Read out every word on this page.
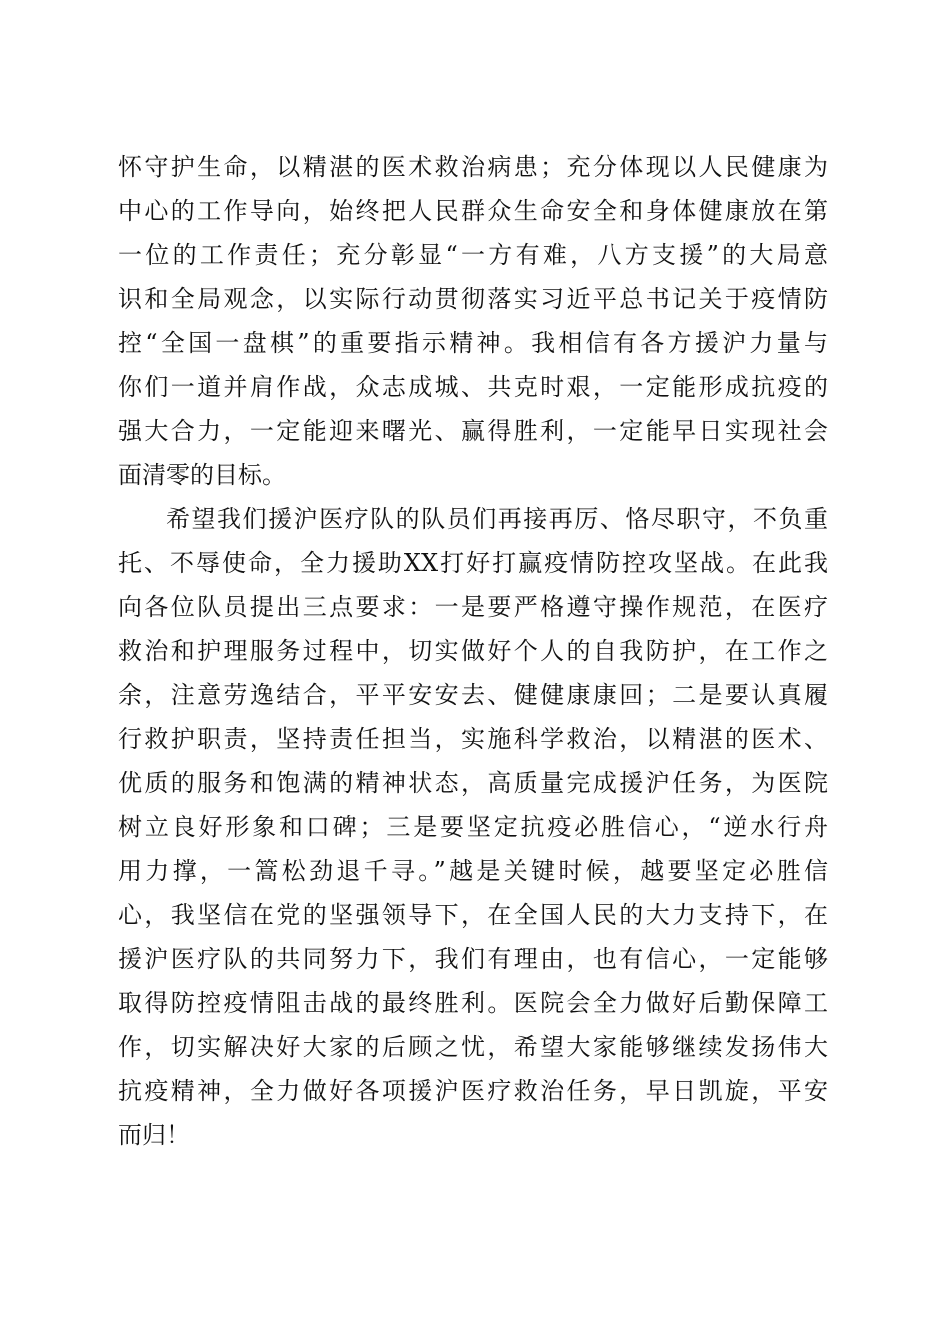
怀守护生命，以精湛的医术救治病患；充分体现以人民健康为
中心的工作导向，始终把人民群众生命安全和身体健康放在第
一位的工作责任；充分彰显“一方有难，八方支援”的大局意
识和全局观念，以实际行动贯彻落实习近平总书记关于疫情防
控“全国一盘棋”的重要指示精神。我相信有各方援沪力量与
你们一道并肩作战，众志成城、共克时艰，一定能形成抗疫的
强大合力，一定能迎来曙光、赢得胜利，一定能早日实现社会
面清零的目标。
希望我们援沪医疗队的队员们再接再厉、恪尽职守，不负重
托、不辱使命，全力援助XX打好打赢疫情防控攻坚战。在此我
向各位队员提出三点要求：一是要严格遵守操作规范，在医疗
救治和护理服务过程中，切实做好个人的自我防护，在工作之
余，注意劳逸结合，平平安安去、健健康康回；二是要认真履
行救护职责，坚持责任担当，实施科学救治，以精湛的医术、
优质的服务和饱满的精神状态，高质量完成援沪任务，为医院
树立良好形象和口碑；三是要坚定抗疫必胜信心，“逆水行舟
用力撑，一篙松劲退千寻。”越是关键时候，越要坚定必胜信
心，我坚信在党的坚强领导下，在全国人民的大力支持下，在
援沪医疗队的共同努力下，我们有理由，也有信心，一定能够
取得防控疫情阻击战的最终胜利。医院会全力做好后勤保障工
作，切实解决好大家的后顾之忧，希望大家能够继续发扬伟大
抗疫精神，全力做好各项援沪医疗救治任务，早日凯旋，平安
而归！
